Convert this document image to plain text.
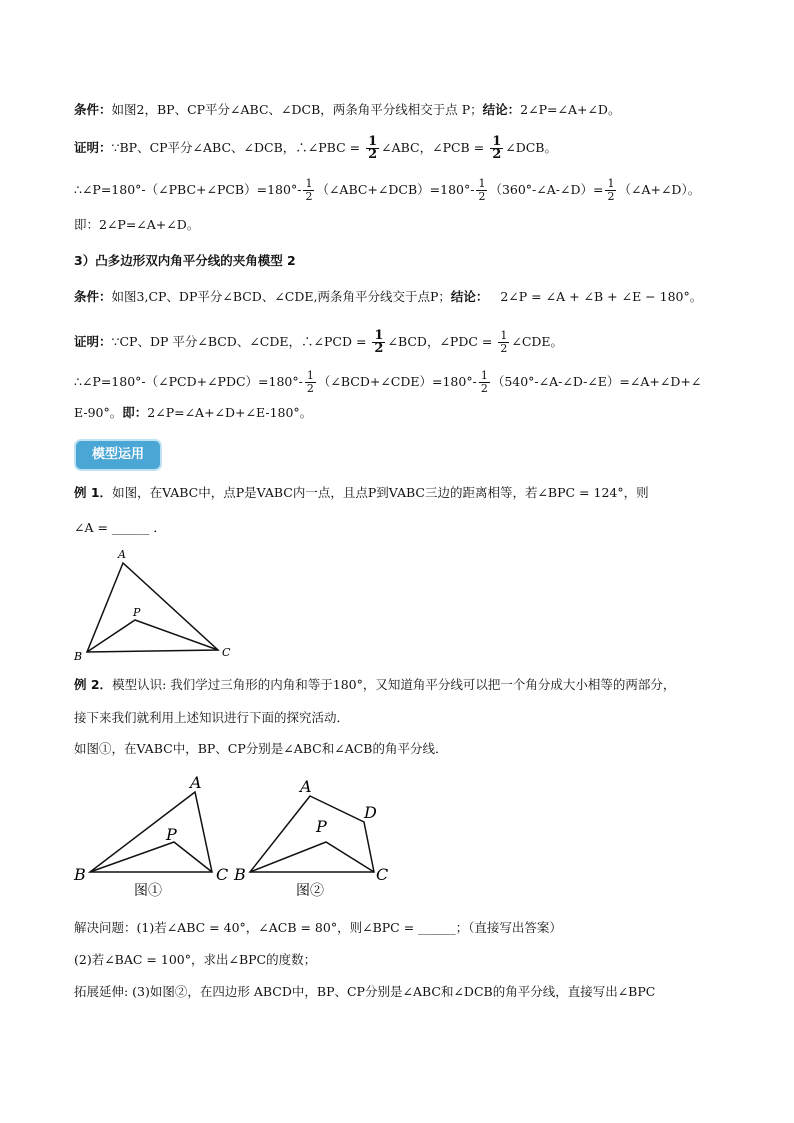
条件：如图2，BP、CP平分∠ABC、∠DCB，两条角平分线相交于点 P；结论：2∠P=∠A+∠D。
证明：∵BP、CP平分∠ABC、∠DCB，∴∠PBC = $\frac{1}{2}$ ∠ABC，∠PCB = $\frac{1}{2}$ ∠DCB。
∴∠P=180°-（∠PBC+∠PCB）=180°- $\frac{1}{2}$ （∠ABC+∠DCB）=180°- $\frac{1}{2}$ （360°-∠A-∠D）= $\frac{1}{2}$ （∠A+∠D）。
即：2∠P=∠A+∠D。
3）凸多边形双内角平分线的夹角模型 2
条件：如图3,CP、DP平分∠BCD、∠CDE,两条角平分线交于点P；结论： 2∠P = ∠A + ∠B + ∠E − 180°。
证明：∵CP、DP 平分∠BCD、∠CDE，∴∠PCD = $\frac{1}{2}$ ∠BCD，∠PDC = $\frac{1}{2}$ ∠CDE。
∴∠P=180°-（∠PCD+∠PDC）=180°- $\frac{1}{2}$ （∠BCD+∠CDE）=180°- $\frac{1}{2}$ （540°-∠A-∠D-∠E）=∠A+∠D+∠
E-90°。即：2∠P=∠A+∠D+∠E-180°。
模型运用
例 1．如图，在VABC中，点P是VABC内一点，且点P到VABC三边的距离相等，若∠BPC = 124°，则
∠A = ______ ．
A
B	C
P
例 2．模型认识: 我们学过三角形的内角和等于180°，又知道角平分线可以把一个角分成大小相等的两部分，
接下来我们就利用上述知识进行下面的探究活动．
如图①，在VABC中，BP、CP分别是∠ABC和∠ACB的角平分线．
A
B	C
P
图①
A
B	C
D
P
图②
解决问题：(1)若∠ABC = 40°，∠ACB = 80°，则∠BPC = ______；（直接写出答案）
(2)若∠BAC = 100°，求出∠BPC的度数；
拓展延伸: (3)如图②，在四边形 ABCD中，BP、CP分别是∠ABC和∠DCB的角平分线，直接写出∠BPC
